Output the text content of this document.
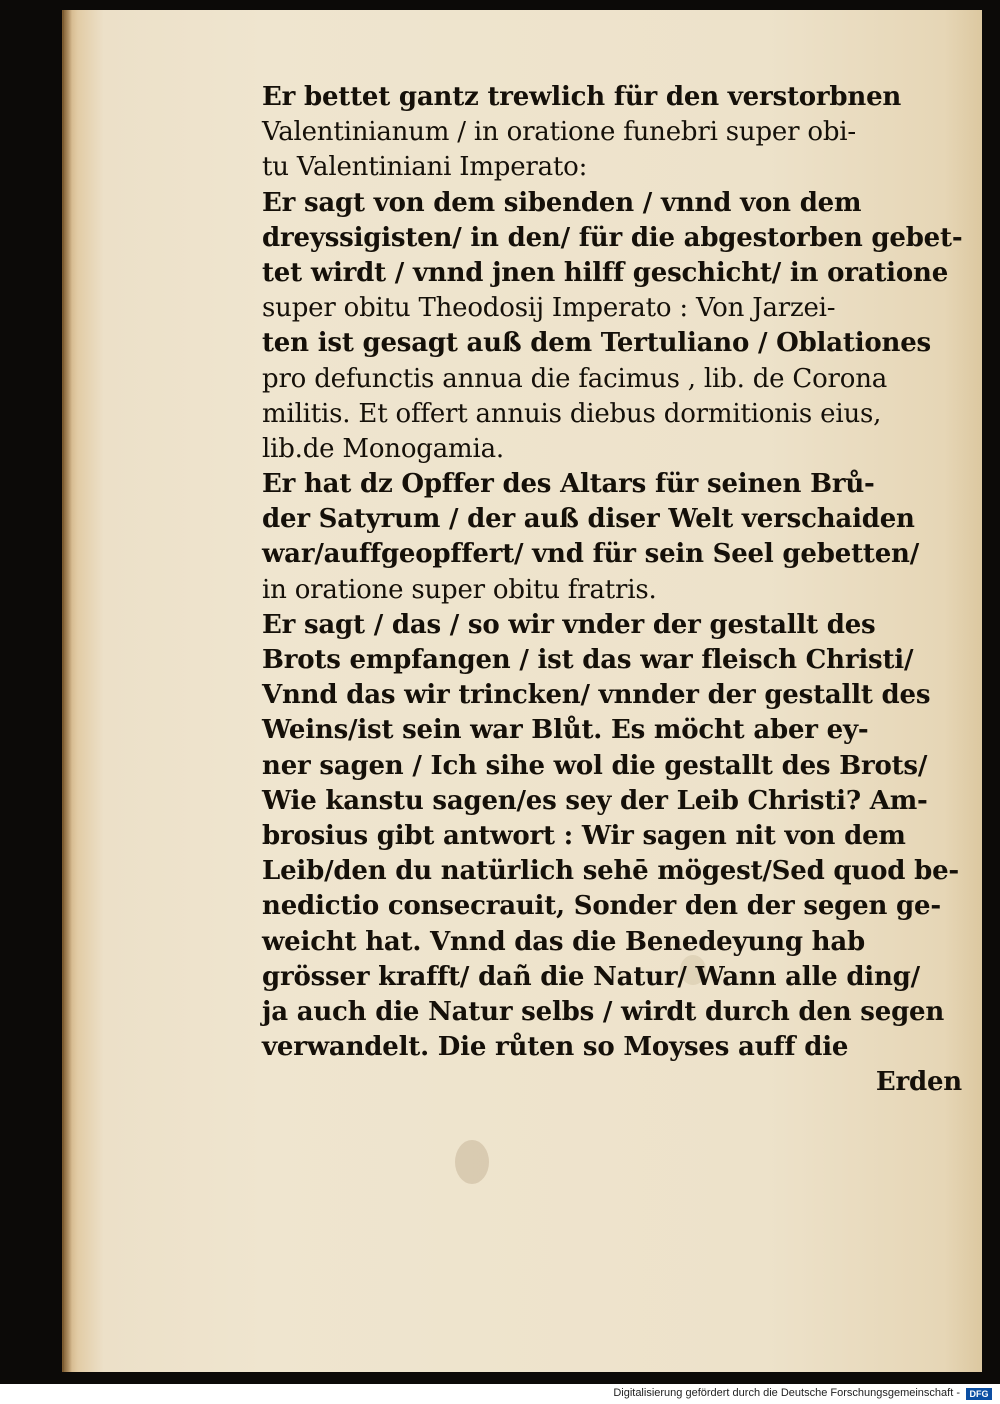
Er bettet gantz trewlich für den verstorbnen
Valentinianum / in oratione funebri super obi-
tu Valentiniani Imperato:
Er sagt von dem sibenden / vnnd von dem
dreyssigisten/ in den/ für die abgestorben gebet-
tet wirdt / vnnd jnen hilff geschicht/ in oratione
super obitu Theodosij Imperato : Von Jarzei-
ten ist gesagt auß dem Tertuliano / Oblationes
pro defunctis annua die facimus , lib. de Corona
militis. Et offert annuis diebus dormitionis eius,
lib.de Monogamia.
Er hat dz Opffer des Altars für seinen Brů-
der Satyrum / der auß diser Welt verschaiden
war/auffgeopffert/ vnd für sein Seel gebetten/
in oratione super obitu fratris.
Er sagt / das / so wir vnder der gestallt des
Brots empfangen / ist das war fleisch Christi/
Vnnd das wir trincken/ vnnder der gestallt des
Weins/ist sein war Blůt. Es möcht aber ey-
ner sagen / Ich sihe wol die gestallt des Brots/
Wie kanstu sagen/es sey der Leib Christi? Am-
brosius gibt antwort : Wir sagen nit von dem
Leib/den du natürlich sehē mögest/Sed quod be-
nedictio consecrauit, Sonder den der segen ge-
weicht hat. Vnnd das die Benedeyung hab
grösser krafft/ dañ die Natur/ Wann alle ding/
ja auch die Natur selbs / wirdt durch den segen
verwandelt. Die růten so Moyses auff die
Erden
Digitalisierung gefördert durch die Deutsche Forschungsgemeinschaft -	DFG
